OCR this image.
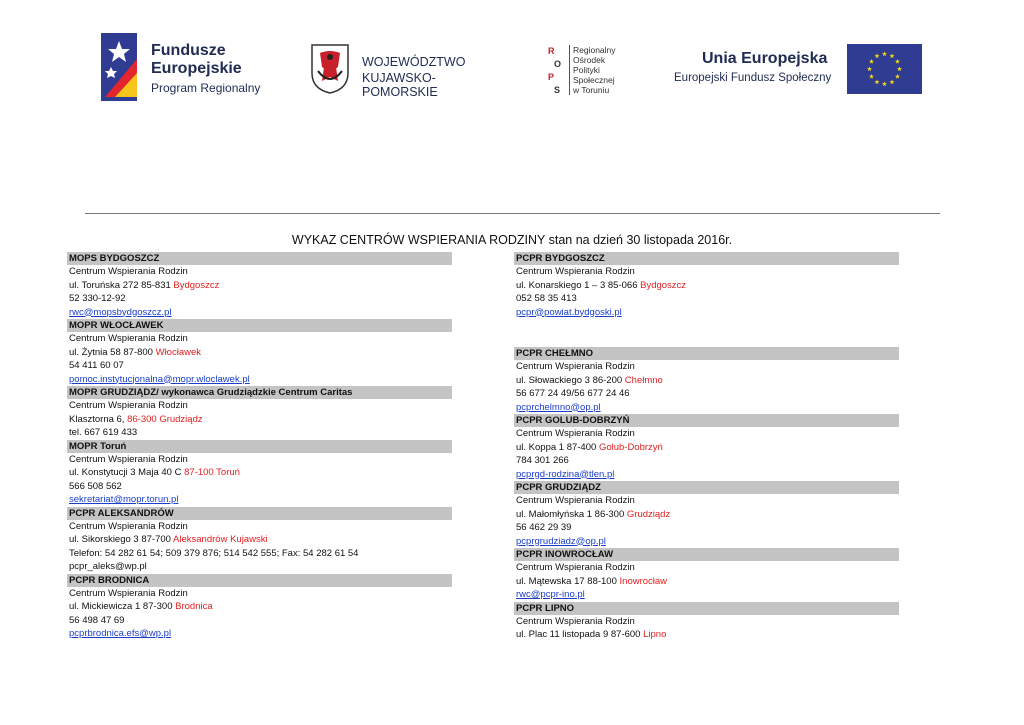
Fundusze
Europejskie
Program Regionalny
WOJEWÓDZTWO
KUJAWSKO-POMORSKIE
R
O
P
S
Regionalny
Ośrodek
Polityki
Społecznej
w Toruniu
Unia Europejska
Europejski Fundusz Społeczny
WYKAZ CENTRÓW WSPIERANIA RODZINY stan na dzień 30 listopada 2016r.
MOPS BYDGOSZCZ
Centrum Wspierania Rodzin
ul. Toruńska 272 85-831 Bydgoszcz
52 330-12-92
rwc@mopsbydgoszcz.pl
MOPR WŁOCŁAWEK
Centrum Wspierania Rodzin
ul. Żytnia 58 87-800 Włocławek
54 411 60 07
pomoc.instytucjonalna@mopr.wloclawek.pl
MOPR GRUDZIĄDZ/ wykonawca Grudziądzkie Centrum Caritas
Centrum Wspierania Rodzin
Klasztorna 6, 86-300 Grudziądz
tel. 667 619 433
MOPR Toruń
Centrum Wspierania Rodzin
ul. Konstytucji 3 Maja 40 C 87-100 Toruń
566 508 562
sekretariat@mopr.torun.pl
PCPR ALEKSANDRÓW
Centrum Wspierania Rodzin
ul. Sikorskiego 3 87-700 Aleksandrów Kujawski
Telefon: 54 282 61 54; 509 379 876; 514 542 555; Fax: 54 282 61 54
pcpr_aleks@wp.pl
PCPR BRODNICA
Centrum Wspierania Rodzin
ul. Mickiewicza 1 87-300 Brodnica
56 498 47 69
pcprbrodnica.efs@wp.pl
PCPR BYDGOSZCZ
Centrum Wspierania Rodzin
ul. Konarskiego 1 – 3 85-066 Bydgoszcz
052 58 35 413
pcpr@powiat.bydgoski.pl
PCPR CHEŁMNO
Centrum Wspierania Rodzin
ul. Słowackiego 3 86-200 Chełmno
56 677 24 49/56 677 24 46
pcprchelmno@op.pl
PCPR GOLUB-DOBRZYŃ
Centrum Wspierania Rodzin
ul. Koppa 1 87-400 Golub-Dobrzyń
784 301 266
pcprgd-rodzina@tlen.pl
PCPR GRUDZIĄDZ
Centrum Wspierania Rodzin
ul. Małomłyńska 1 86-300 Grudziądz
56 462 29 39
pcprgrudziadz@op.pl
PCPR INOWROCŁAW
Centrum Wspierania Rodzin
ul. Mątewska 17 88-100 Inowrocław
rwc@pcpr-ino.pl
PCPR LIPNO
Centrum Wspierania Rodzin
ul. Plac 11 listopada 9 87-600 Lipno
